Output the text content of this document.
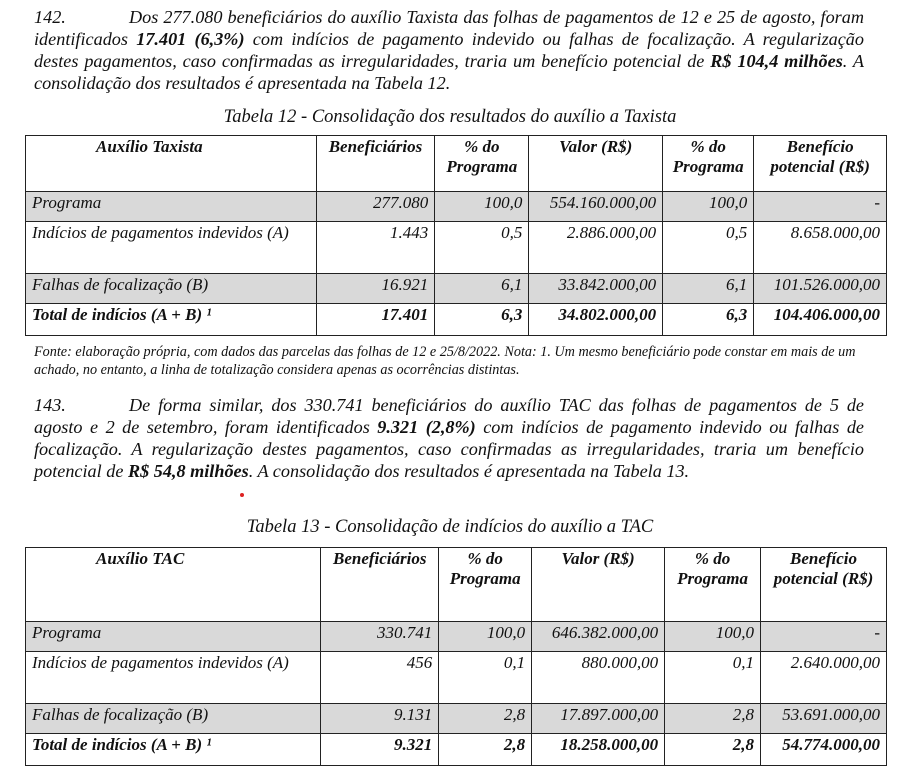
142.	Dos 277.080 beneficiários do auxílio Taxista das folhas de pagamentos de 12 e 25 de agosto, foram identificados 17.401 (6,3%) com indícios de pagamento indevido ou falhas de focalização. A regularização destes pagamentos, caso confirmadas as irregularidades, traria um benefício potencial de R$ 104,4 milhões. A consolidação dos resultados é apresentada na Tabela 12.

Tabela 12 - Consolidação dos resultados do auxílio a Taxista
Auxílio Taxista	Beneficiários	% do Programa	Valor (R$)	% do Programa	Benefício potencial (R$)
Programa	277.080	100,0	554.160.000,00	100,0	-
Indícios de pagamentos indevidos (A)	1.443	0,5	2.886.000,00	0,5	8.658.000,00
Falhas de focalização (B)	16.921	6,1	33.842.000,00	6,1	101.526.000,00
Total de indícios (A + B) ¹	17.401	6,3	34.802.000,00	6,3	104.406.000,00

Fonte: elaboração própria, com dados das parcelas das folhas de 12 e 25/8/2022. Nota: 1. Um mesmo beneficiário pode constar em mais de um achado, no entanto, a linha de totalização considera apenas as ocorrências distintas.

143.	De forma similar, dos 330.741 beneficiários do auxílio TAC das folhas de pagamentos de 5 de agosto e 2 de setembro, foram identificados 9.321 (2,8%) com indícios de pagamento indevido ou falhas de focalização. A regularização destes pagamentos, caso confirmadas as irregularidades, traria um benefício potencial de R$ 54,8 milhões. A consolidação dos resultados é apresentada na Tabela 13.

Tabela 13 - Consolidação de indícios do auxílio a TAC
Auxílio TAC	Beneficiários	% do Programa	Valor (R$)	% do Programa	Benefício potencial (R$)
Programa	330.741	100,0	646.382.000,00	100,0	-
Indícios de pagamentos indevidos (A)	456	0,1	880.000,00	0,1	2.640.000,00
Falhas de focalização (B)	9.131	2,8	17.897.000,00	2,8	53.691.000,00
Total de indícios (A + B) ¹	9.321	2,8	18.258.000,00	2,8	54.774.000,00
